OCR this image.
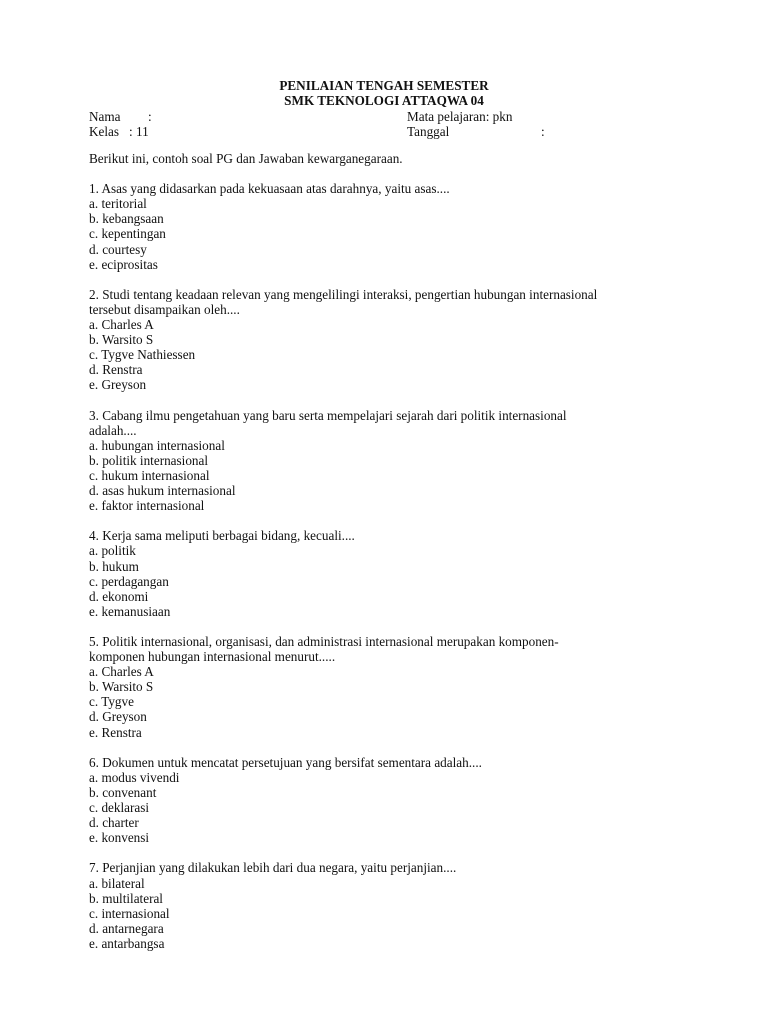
PENILAIAN TENGAH SEMESTER
SMK TEKNOLOGI ATTAQWA 04
Nama :
Kelas : 11
Mata pelajaran: pkn
Tanggal	:

Berikut ini, contoh soal PG dan Jawaban kewarganegaraan.

1. Asas yang didasarkan pada kekuasaan atas darahnya, yaitu asas....

a. teritorial

b. kebangsaan

c. kepentingan

d. courtesy

e. eciprositas

2. Studi tentang keadaan relevan yang mengelilingi interaksi, pengertian hubungan internasional

tersebut disampaikan oleh....

a. Charles A

b. Warsito S

c. Tygve Nathiessen

d. Renstra

e. Greyson

3. Cabang ilmu pengetahuan yang baru serta mempelajari sejarah dari politik internasional

adalah....

a. hubungan internasional

b. politik internasional

c. hukum internasional

d. asas hukum internasional

e. faktor internasional

4. Kerja sama meliputi berbagai bidang, kecuali....

a. politik

b. hukum

c. perdagangan

d. ekonomi

e. kemanusiaan

5. Politik internasional, organisasi, dan administrasi internasional merupakan komponen-

komponen hubungan internasional menurut.....

a. Charles A

b. Warsito S

c. Tygve

d. Greyson

e. Renstra

6. Dokumen untuk mencatat persetujuan yang bersifat sementara adalah....

a. modus vivendi

b. convenant

c. deklarasi

d. charter

e. konvensi

7. Perjanjian yang dilakukan lebih dari dua negara, yaitu perjanjian....

a. bilateral

b. multilateral

c. internasional

d. antarnegara

e. antarbangsa
